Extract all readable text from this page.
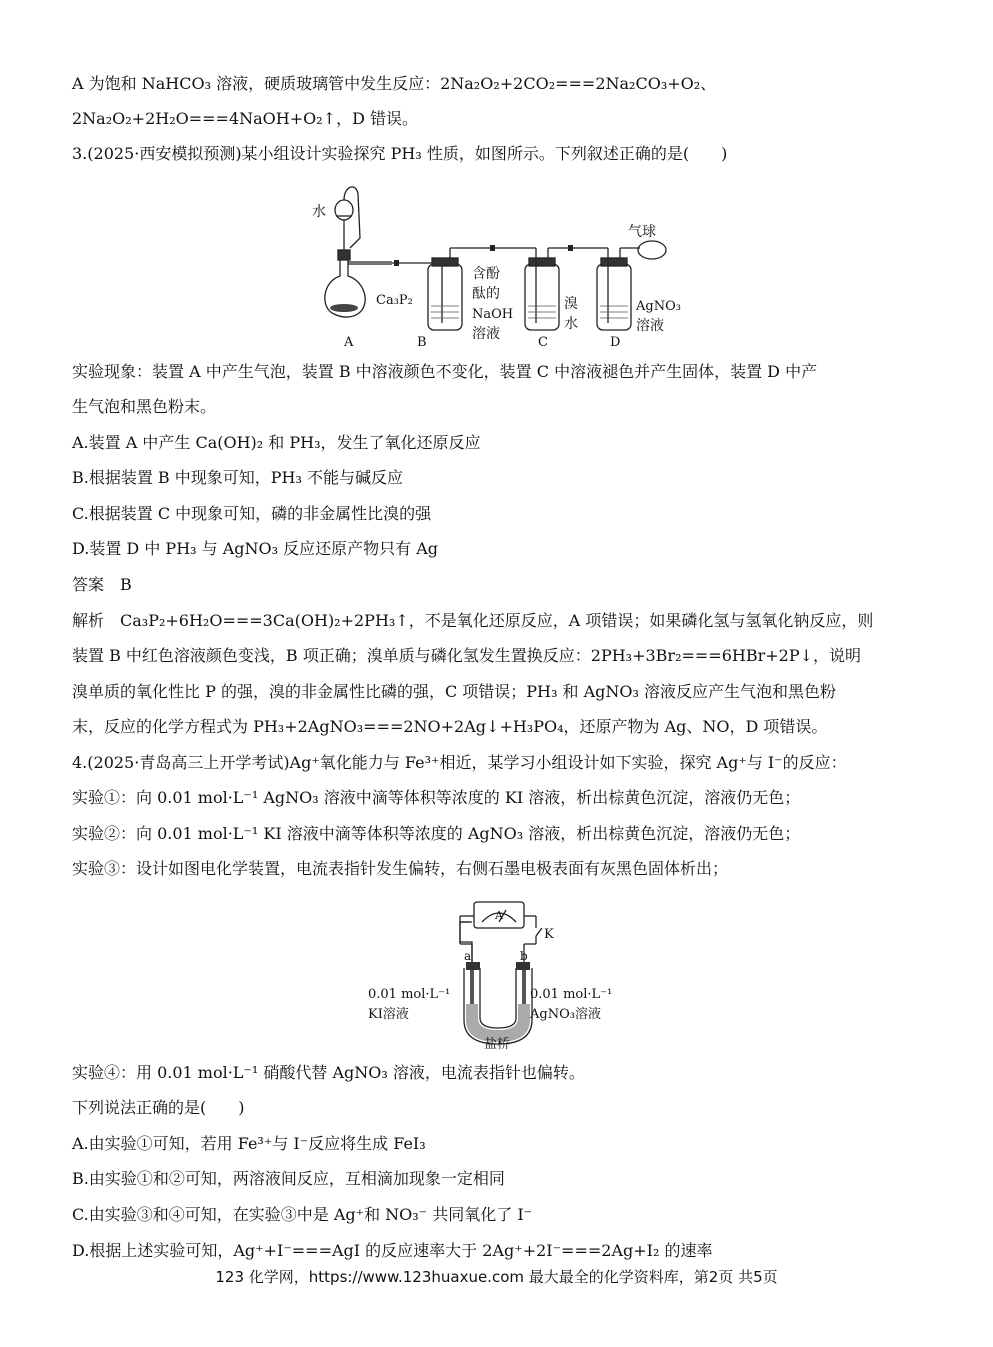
A 为饱和 NaHCO₃ 溶液，硬质玻璃管中发生反应：2Na₂O₂+2CO₂===2Na₂CO₃+O₂、
2Na₂O₂+2H₂O===4NaOH+O₂↑，D 错误。
3.(2025·西安模拟预测)某小组设计实验探究 PH₃ 性质，如图所示。下列叙述正确的是(　　)
水
气球
Ca₃P₂
含酚
酞的
NaOH
溶液
溴
水
AgNO₃
溶液
A	B	C	D
实验现象：装置 A 中产生气泡，装置 B 中溶液颜色不变化，装置 C 中溶液褪色并产生固体，装置 D 中产
生气泡和黑色粉末。
A.装置 A 中产生 Ca(OH)₂ 和 PH₃，发生了氧化还原反应
B.根据装置 B 中现象可知，PH₃ 不能与碱反应
C.根据装置 C 中现象可知，磷的非金属性比溴的强
D.装置 D 中 PH₃ 与 AgNO₃ 反应还原产物只有 Ag
答案　B
解析　Ca₃P₂+6H₂O===3Ca(OH)₂+2PH₃↑，不是氧化还原反应，A 项错误；如果磷化氢与氢氧化钠反应，则
装置 B 中红色溶液颜色变浅，B 项正确；溴单质与磷化氢发生置换反应：2PH₃+3Br₂===6HBr+2P↓，说明
溴单质的氧化性比 P 的强，溴的非金属性比磷的强，C 项错误；PH₃ 和 AgNO₃ 溶液反应产生气泡和黑色粉
末，反应的化学方程式为 PH₃+2AgNO₃===2NO+2Ag↓+H₃PO₄，还原产物为 Ag、NO，D 项错误。
4.(2025·青岛高三上开学考试)Ag⁺氧化能力与 Fe³⁺相近，某学习小组设计如下实验，探究 Ag⁺与 I⁻的反应：
实验①：向 0.01 mol·L⁻¹ AgNO₃ 溶液中滴等体积等浓度的 KI 溶液，析出棕黄色沉淀，溶液仍无色；
实验②：向 0.01 mol·L⁻¹ KI 溶液中滴等体积等浓度的 AgNO₃ 溶液，析出棕黄色沉淀，溶液仍无色；
实验③：设计如图电化学装置，电流表指针发生偏转，右侧石墨电极表面有灰黑色固体析出；
A
K
a	b
0.01 mol·L⁻¹
KI溶液
0.01 mol·L⁻¹
AgNO₃溶液
盐桥
实验④：用 0.01 mol·L⁻¹ 硝酸代替 AgNO₃ 溶液，电流表指针也偏转。
下列说法正确的是(　　)
A.由实验①可知，若用 Fe³⁺与 I⁻反应将生成 FeI₃
B.由实验①和②可知，两溶液间反应，互相滴加现象一定相同
C.由实验③和④可知，在实验③中是 Ag⁺和 NO₃⁻ 共同氧化了 I⁻
D.根据上述实验可知，Ag⁺+I⁻===AgI 的反应速率大于 2Ag⁺+2I⁻===2Ag+I₂ 的速率
123 化学网，https://www.123huaxue.com 最大最全的化学资料库，第2页 共5页
